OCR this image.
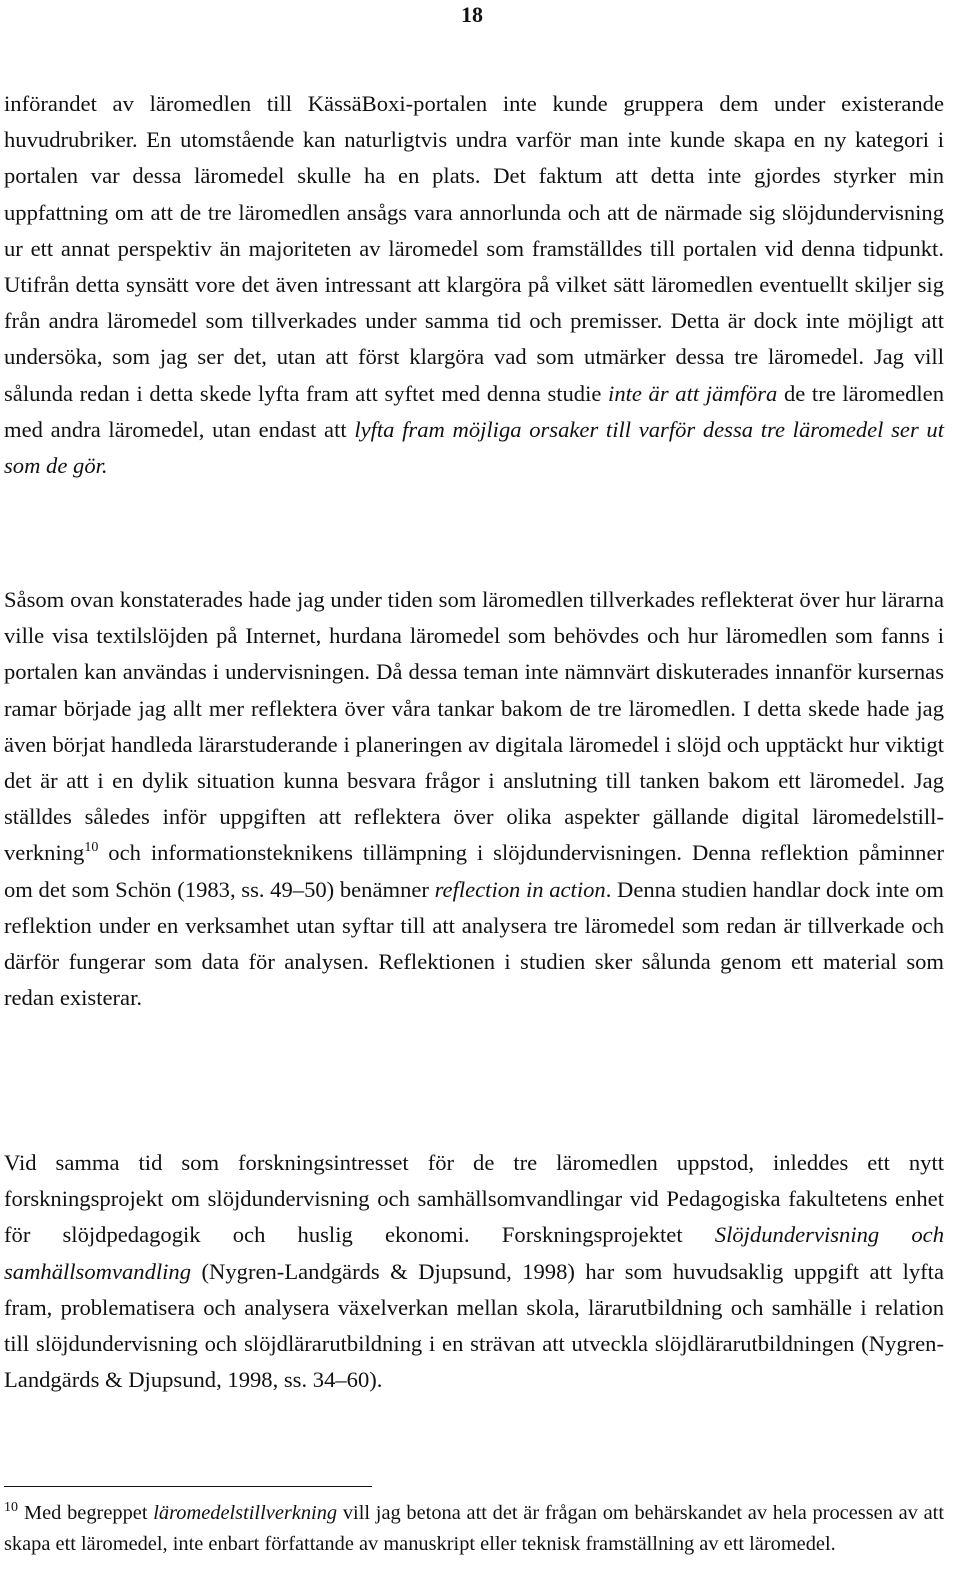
18

införandet av läromedlen till KässäBoxi-portalen inte kunde gruppera dem under existerande huvudrubriker. En utomstående kan naturligtvis undra varför man inte kunde skapa en ny kategori i portalen var dessa läromedel skulle ha en plats. Det faktum att detta inte gjordes styrker min uppfattning om att de tre läromedlen ansågs vara annorlunda och att de närmade sig slöjdundervisning ur ett annat perspektiv än majoriteten av läromedel som framställdes till portalen vid denna tidpunkt. Utifrån detta synsätt vore det även intressant att klargöra på vilket sätt läromedlen eventuellt skiljer sig från andra läromedel som tillverkades under samma tid och premisser. Detta är dock inte möjligt att undersöka, som jag ser det, utan att först klargöra vad som utmärker dessa tre läromedel. Jag vill sålunda redan i detta skede lyfta fram att syftet med denna studie inte är att jämföra de tre läromedlen med andra läromedel, utan endast att lyfta fram möjliga orsaker till varför dessa tre läromedel ser ut som de gör.

Såsom ovan konstaterades hade jag under tiden som läromedlen tillverkades reflekterat över hur lärarna ville visa textilslöjden på Internet, hurdana läromedel som behövdes och hur läromedlen som fanns i portalen kan användas i undervisningen. Då dessa teman inte nämnvärt diskuterades innanför kursernas ramar började jag allt mer reflektera över våra tankar bakom de tre läromedlen. I detta skede hade jag även börjat handleda lärarstuderande i planeringen av digitala läromedel i slöjd och upptäckt hur viktigt det är att i en dylik situation kunna besvara frågor i anslutning till tanken bakom ett läromedel. Jag ställdes således inför uppgiften att reflektera över olika aspekter gällande digital läromedelstillverkning$^{10}$ och informationsteknikens tillämpning i slöjdundervisningen. Denna reflektion påminner om det som Schön (1983, ss. 49–50) benämner reflection in action. Denna studien handlar dock inte om reflektion under en verksamhet utan syftar till att analysera tre läromedel som redan är tillverkade och därför fungerar som data för analysen. Reflektionen i studien sker sålunda genom ett material som redan existerar.

Vid samma tid som forskningsintresset för de tre läromedlen uppstod, inleddes ett nytt forskningsprojekt om slöjdundervisning och samhällsomvandlingar vid Pedagogiska fakultetens enhet för slöjdpedagogik och huslig ekonomi. Forskningsprojektet Slöjdundervisning och samhällsomvandling (Nygren-Landgärds & Djupsund, 1998) har som huvudsaklig uppgift att lyfta fram, problematisera och analysera växelverkan mellan skola, lärarutbildning och samhälle i relation till slöjdundervisning och slöjdlärarutbildning i en strävan att utveckla slöjdlärarutbildningen (Nygren-Landgärds & Djupsund, 1998, ss. 34–60).

$^{10}$ Med begreppet läromedelstillverkning vill jag betona att det är frågan om behärskandet av hela processen av att skapa ett läromedel, inte enbart författande av manuskript eller teknisk framställning av ett läromedel.
